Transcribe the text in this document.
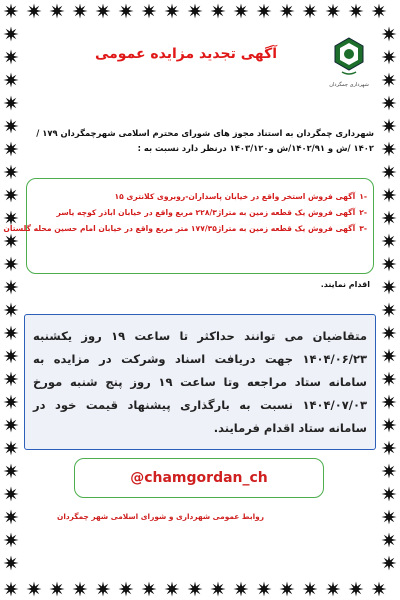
شهرداری چمگردان
آگهی تجدید مزایده عمومی
شهرداری چمگردان به استناد مجوز های شورای محترم اسلامی شهرچمگردان ۱۷۹ / ۱۴۰۲ /ش و ۱۴۰۲/۹۱/ش و۱۴۰۳/۱۲۰ درنظر دارد نسبت به :
-۱آگهی فروش استخر واقع در خیابان پاسداران-روبروی کلانتری ۱۵
-۲آگهی فروش یک قطعه زمین به متراژ۲۲۸/۳ مربع واقع در خیابان اباذر کوچه یاسر
-۳آگهی فروش یک قطعه زمین به متراژ۱۷۷/۳۵ متر مربع واقع در خیابان امام حسین محله گلستان
اقدام نمایند.
متقاضیان می توانند حداکثر تا ساعت ۱۹ روز یکشنبه ۱۴۰۴/۰۶/۲۳ جهت دریافت اسناد وشرکت در مزایده به سامانه ستاد مراجعه وتا ساعت ۱۹ روز پنج شنبه مورخ ۱۴۰۴/۰۷/۰۳ نسبت به بارگذاری پیشنهاد قیمت خود در سامانه ستاد اقدام فرمایند.
@chamgordan_ch
روابط عمومی شهرداری و شورای اسلامی شهر چمگردان
